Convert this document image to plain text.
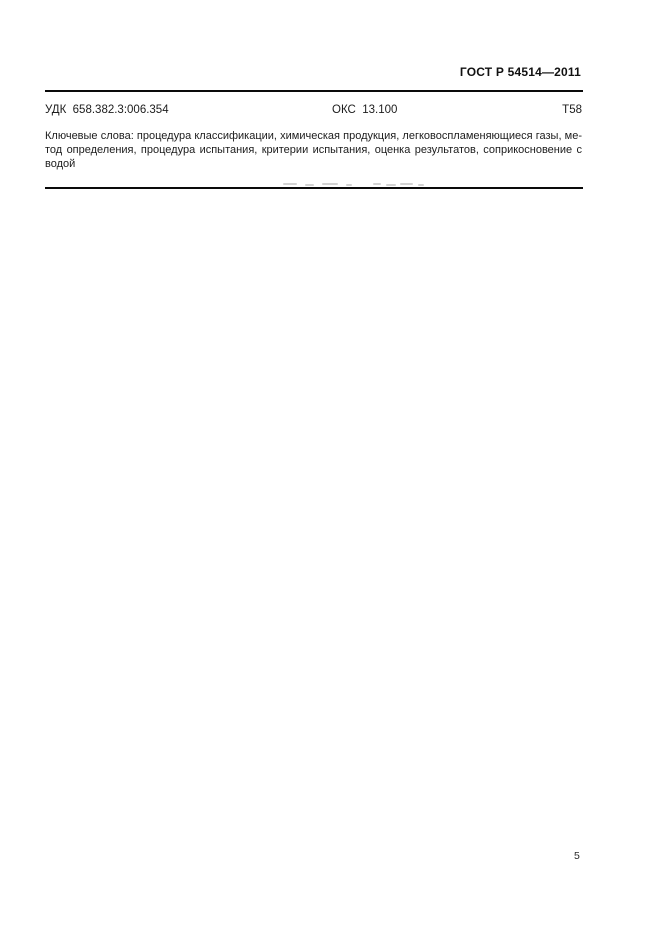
ГОСТ Р 54514—2011
УДК  658.382.3:006.354	ОКС  13.100	Т58
Ключевые слова: процедура классификации, химическая продукция, легковоспламеняющиеся газы, ме-
тод определения, процедура испытания, критерии испытания, оценка результатов, соприкосновение с
водой
5
